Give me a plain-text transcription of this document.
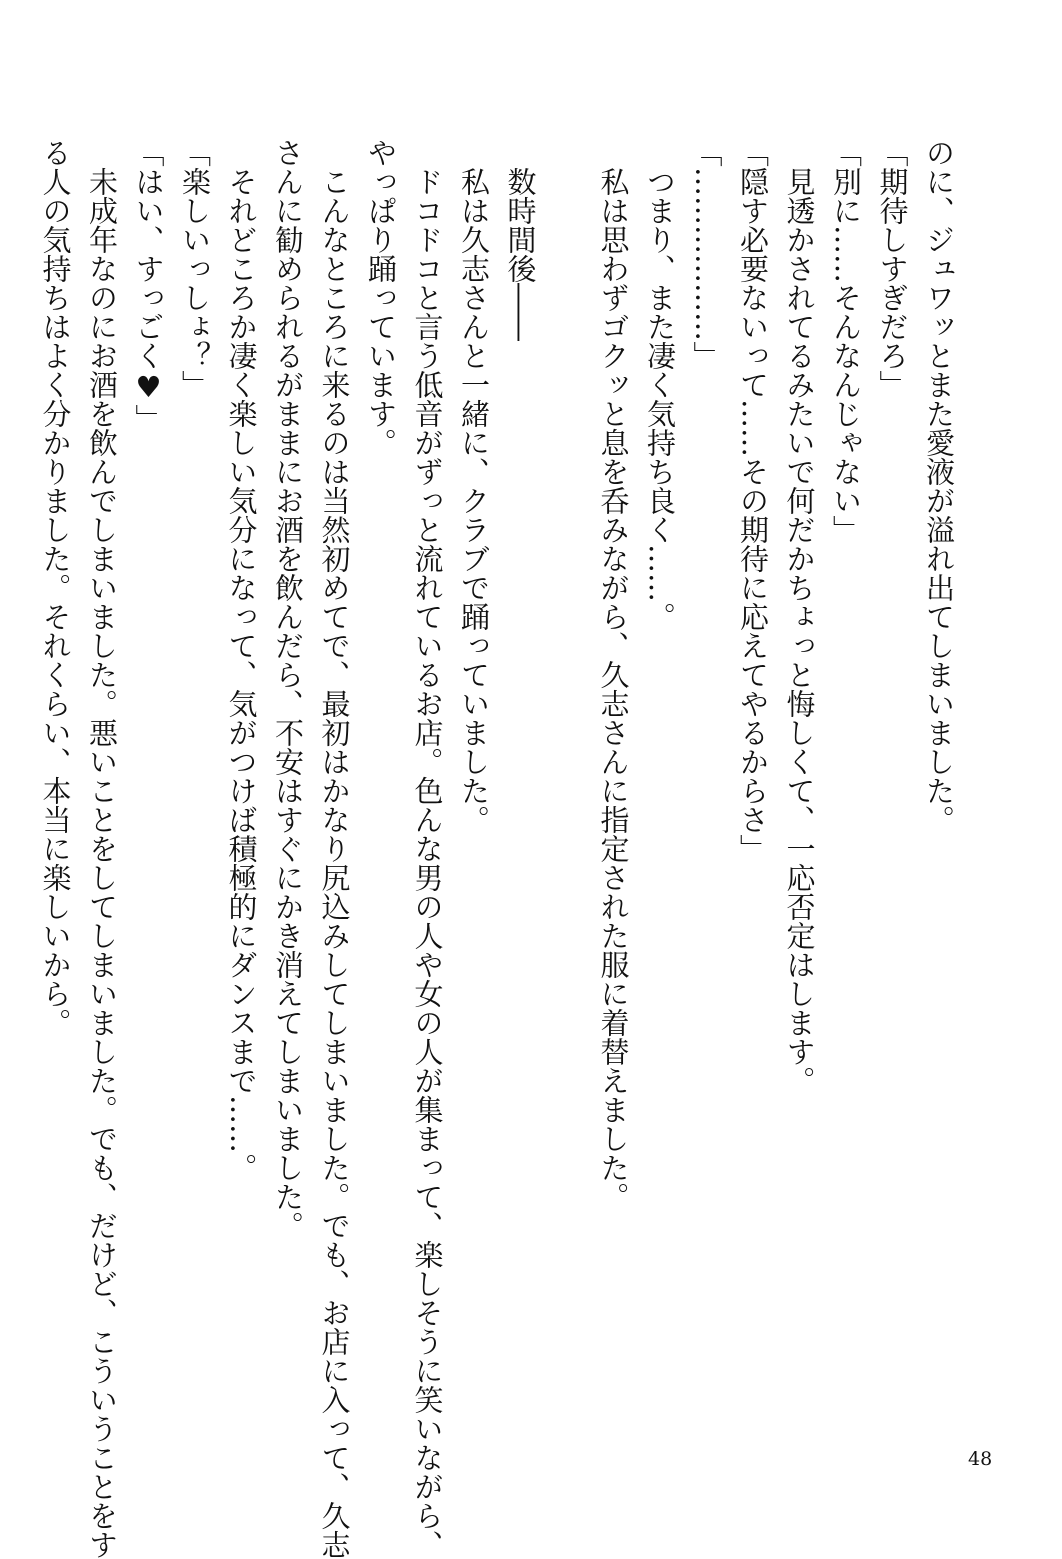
のに、ジュワッとまた愛液が溢れ出てしまいました。

「期待しすぎだろ」

「別に……そんなんじゃない」

　見透かされてるみたいで何だかちょっと悔しくて、一応否定はします。

「隠す必要ないって……その期待に応えてやるからさ」

「………………」

　つまり、また凄く気持ち良く……。

　私は思わずゴクッと息を呑みながら、久志さんに指定された服に着替えました。

　数時間後――

　私は久志さんと一緒に、クラブで踊っていました。

　ドコドコと言う低音がずっと流れているお店。色んな男の人や女の人が集まって、楽しそうに笑いながら、

やっぱり踊っています。

　こんなところに来るのは当然初めてで、最初はかなり尻込みしてしまいました。でも、お店に入って、久志

さんに勧められるがままにお酒を飲んだら、不安はすぐにかき消えてしまいました。

　それどころか凄く楽しい気分になって、気がつけば積極的にダンスまで……。

「楽しいっしょ？」

「はい、すっごく♥」

　未成年なのにお酒を飲んでしまいました。悪いことをしてしまいました。でも、だけど、こういうことをす

る人の気持ちはよく分かりました。それくらい、本当に楽しいから。

48
